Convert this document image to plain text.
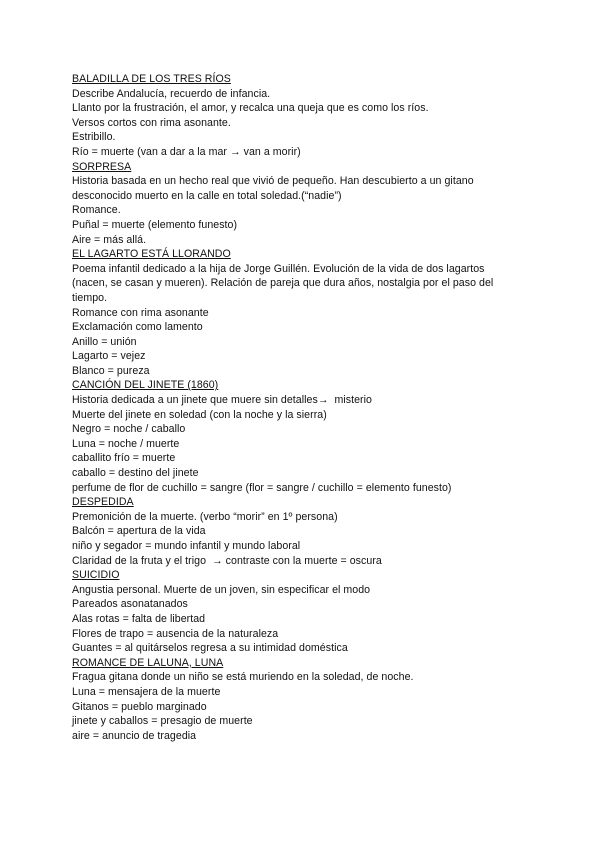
BALADILLA DE LOS TRES RÍOS
Describe Andalucía, recuerdo de infancia.
Llanto por la frustración, el amor, y recalca una queja que es como los ríos.
Versos cortos con rima asonante.
Estribillo.
Río = muerte (van a dar a la mar → van a morir)
SORPRESA
Historia basada en un hecho real que vivió de pequeño. Han descubierto a un gitano
desconocido muerto en la calle en total soledad.(“nadie”)
Romance.
Puñal = muerte (elemento funesto)
Aire = más allá.
EL LAGARTO ESTÁ LLORANDO
Poema infantil dedicado a la hija de Jorge Guillén. Evolución de la vida de dos lagartos
(nacen, se casan y mueren). Relación de pareja que dura años, nostalgia por el paso del
tiempo.
Romance con rima asonante
Exclamación como lamento
Anillo = unión
Lagarto = vejez
Blanco = pureza
CANCIÓN DEL JINETE (1860)
Historia dedicada a un jinete que muere sin detalles→  misterio
Muerte del jinete en soledad (con la noche y la sierra)
Negro = noche / caballo
Luna = noche / muerte
caballito frío = muerte
caballo = destino del jinete
perfume de flor de cuchillo = sangre (flor = sangre / cuchillo = elemento funesto)
DESPEDIDA
Premonición de la muerte. (verbo “morir” en 1º persona)
Balcón = apertura de la vida
niño y segador = mundo infantil y mundo laboral
Claridad de la fruta y el trigo  → contraste con la muerte = oscura
SUICIDIO
Angustia personal. Muerte de un joven, sin especificar el modo
Pareados asonatanados
Alas rotas = falta de libertad
Flores de trapo = ausencia de la naturaleza
Guantes = al quitárselos regresa a su intimidad doméstica
ROMANCE DE LALUNA, LUNA
Fragua gitana donde un niño se está muriendo en la soledad, de noche.
Luna = mensajera de la muerte
Gitanos = pueblo marginado
jinete y caballos = presagio de muerte
aire = anuncio de tragedia
